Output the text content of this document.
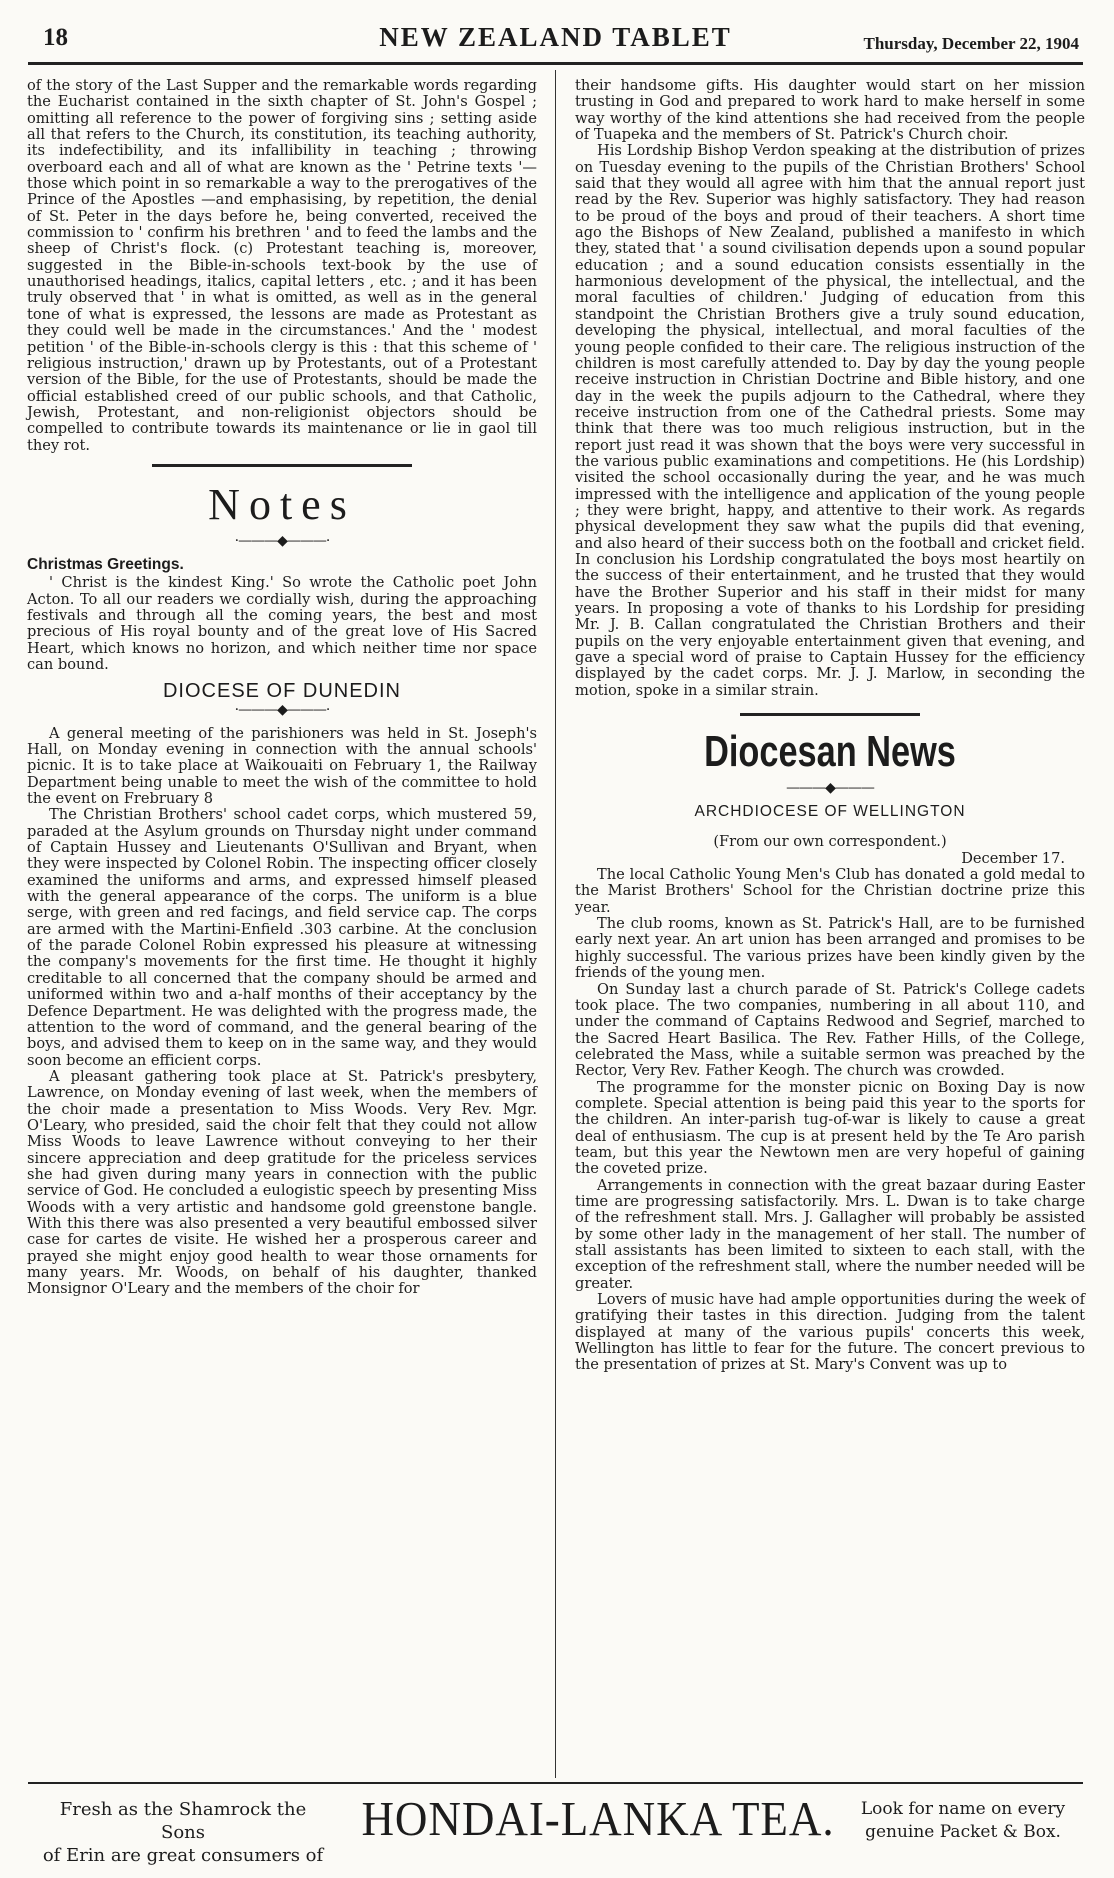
18	NEW ZEALAND TABLET	Thursday, December 22, 1904

of the story of the Last Supper and the remarkable words regarding the Eucharist contained in the sixth chapter of St. John's Gospel ; omitting all reference to the power of forgiving sins ; setting aside all that refers to the Church, its constitution, its teaching authority, its indefectibility, and its infallibility in teaching ; throwing overboard each and all of what are known as the ' Petrine texts '—those which point in so remarkable a way to the prerogatives of the Prince of the Apostles —and emphasising, by repetition, the denial of St. Peter in the days before he, being converted, received the commission to ' confirm his brethren ' and to feed the lambs and the sheep of Christ's flock. (c) Protestant teaching is, moreover, suggested in the Bible-in-schools text-book by the use of unauthorised headings, italics, capital letters , etc. ; and it has been truly observed that ' in what is omitted, as well as in the general tone of what is expressed, the lessons are made as Protestant as they could well be made in the circumstances.' And the ' modest petition ' of the Bible-in-schools clergy is this : that this scheme of ' religious instruction,' drawn up by Protestants, out of a Protestant version of the Bible, for the use of Protestants, should be made the official established creed of our public schools, and that Catholic, Jewish, Protestant, and non-religionist objectors should be compelled to contribute towards its maintenance or lie in gaol till they rot.

Notes
·———◆———·
Christmas Greetings.

' Christ is the kindest King.' So wrote the Catholic poet John Acton. To all our readers we cordially wish, during the approaching festivals and through all the coming years, the best and most precious of His royal bounty and of the great love of His Sacred Heart, which knows no horizon, and which neither time nor space can bound.

DIOCESE OF DUNEDIN
·———◆———·

A general meeting of the parishioners was held in St. Joseph's Hall, on Monday evening in connection with the annual schools' picnic. It is to take place at Waikouaiti on February 1, the Railway Department being unable to meet the wish of the committee to hold the event on Frebruary 8

The Christian Brothers' school cadet corps, which mustered 59, paraded at the Asylum grounds on Thursday night under command of Captain Hussey and Lieutenants O'Sullivan and Bryant, when they were inspected by Colonel Robin. The inspecting officer closely examined the uniforms and arms, and expressed himself pleased with the general appearance of the corps. The uniform is a blue serge, with green and red facings, and field service cap. The corps are armed with the Martini-Enfield .303 carbine. At the conclusion of the parade Colonel Robin expressed his pleasure at witnessing the company's movements for the first time. He thought it highly creditable to all concerned that the company should be armed and uniformed within two and a-half months of their acceptancy by the Defence Department. He was delighted with the progress made, the attention to the word of command, and the general bearing of the boys, and advised them to keep on in the same way, and they would soon become an efficient corps.

A pleasant gathering took place at St. Patrick's presbytery, Lawrence, on Monday evening of last week, when the members of the choir made a presentation to Miss Woods. Very Rev. Mgr. O'Leary, who presided, said the choir felt that they could not allow Miss Woods to leave Lawrence without conveying to her their sincere appreciation and deep gratitude for the priceless services she had given during many years in connection with the public service of God. He concluded a eulogistic speech by presenting Miss Woods with a very artistic and handsome gold greenstone bangle. With this there was also presented a very beautiful embossed silver case for cartes de visite. He wished her a prosperous career and prayed she might enjoy good health to wear those ornaments for many years. Mr. Woods, on behalf of his daughter, thanked Monsignor O'Leary and the members of the choir for

their handsome gifts. His daughter would start on her mission trusting in God and prepared to work hard to make herself in some way worthy of the kind attentions she had received from the people of Tuapeka and the members of St. Patrick's Church choir.

His Lordship Bishop Verdon speaking at the distribution of prizes on Tuesday evening to the pupils of the Christian Brothers' School said that they would all agree with him that the annual report just read by the Rev. Superior was highly satisfactory. They had reason to be proud of the boys and proud of their teachers. A short time ago the Bishops of New Zealand, published a manifesto in which they, stated that ' a sound civilisation depends upon a sound popular education ; and a sound education consists essentially in the harmonious development of the physical, the intellectual, and the moral faculties of children.' Judging of education from this standpoint the Christian Brothers give a truly sound education, developing the physical, intellectual, and moral faculties of the young people confided to their care. The religious instruction of the children is most carefully attended to. Day by day the young people receive instruction in Christian Doctrine and Bible history, and one day in the week the pupils adjourn to the Cathedral, where they receive instruction from one of the Cathedral priests. Some may think that there was too much religious instruction, but in the report just read it was shown that the boys were very successful in the various public examinations and competitions. He (his Lordship) visited the school occasionally during the year, and he was much impressed with the intelligence and application of the young people ; they were bright, happy, and attentive to their work. As regards physical development they saw what the pupils did that evening, and also heard of their success both on the football and cricket field. In conclusion his Lordship congratulated the boys most heartily on the success of their entertainment, and he trusted that they would have the Brother Superior and his staff in their midst for many years. In proposing a vote of thanks to his Lordship for presiding Mr. J. B. Callan congratulated the Christian Brothers and their pupils on the very enjoyable entertainment given that evening, and gave a special word of praise to Captain Hussey for the efficiency displayed by the cadet corps. Mr. J. J. Marlow, in seconding the motion, spoke in a similar strain.

Diocesan News
———◆———
ARCHDIOCESE OF WELLINGTON

(From our own correspondent.)

December 17.

The local Catholic Young Men's Club has donated a gold medal to the Marist Brothers' School for the Christian doctrine prize this year.

The club rooms, known as St. Patrick's Hall, are to be furnished early next year. An art union has been arranged and promises to be highly successful. The various prizes have been kindly given by the friends of the young men.

On Sunday last a church parade of St. Patrick's College cadets took place. The two companies, numbering in all about 110, and under the command of Captains Redwood and Segrief, marched to the Sacred Heart Basilica. The Rev. Father Hills, of the College, celebrated the Mass, while a suitable sermon was preached by the Rector, Very Rev. Father Keogh. The church was crowded.

The programme for the monster picnic on Boxing Day is now complete. Special attention is being paid this year to the sports for the children. An inter-parish tug-of-war is likely to cause a great deal of enthusiasm. The cup is at present held by the Te Aro parish team, but this year the Newtown men are very hopeful of gaining the coveted prize.

Arrangements in connection with the great bazaar during Easter time are progressing satisfactorily. Mrs. L. Dwan is to take charge of the refreshment stall. Mrs. J. Gallagher will probably be assisted by some other lady in the management of her stall. The number of stall assistants has been limited to sixteen to each stall, with the exception of the refreshment stall, where the number needed will be greater.

Lovers of music have had ample opportunities during the week of gratifying their tastes in this direction. Judging from the talent displayed at many of the various pupils' concerts this week, Wellington has little to fear for the future. The concert previous to the presentation of prizes at St. Mary's Convent was up to

Fresh as the Shamrock the Sons
of Erin are great consumers of
HONDAI-LANKA TEA.	Look for name on every
genuine Packet & Box.
